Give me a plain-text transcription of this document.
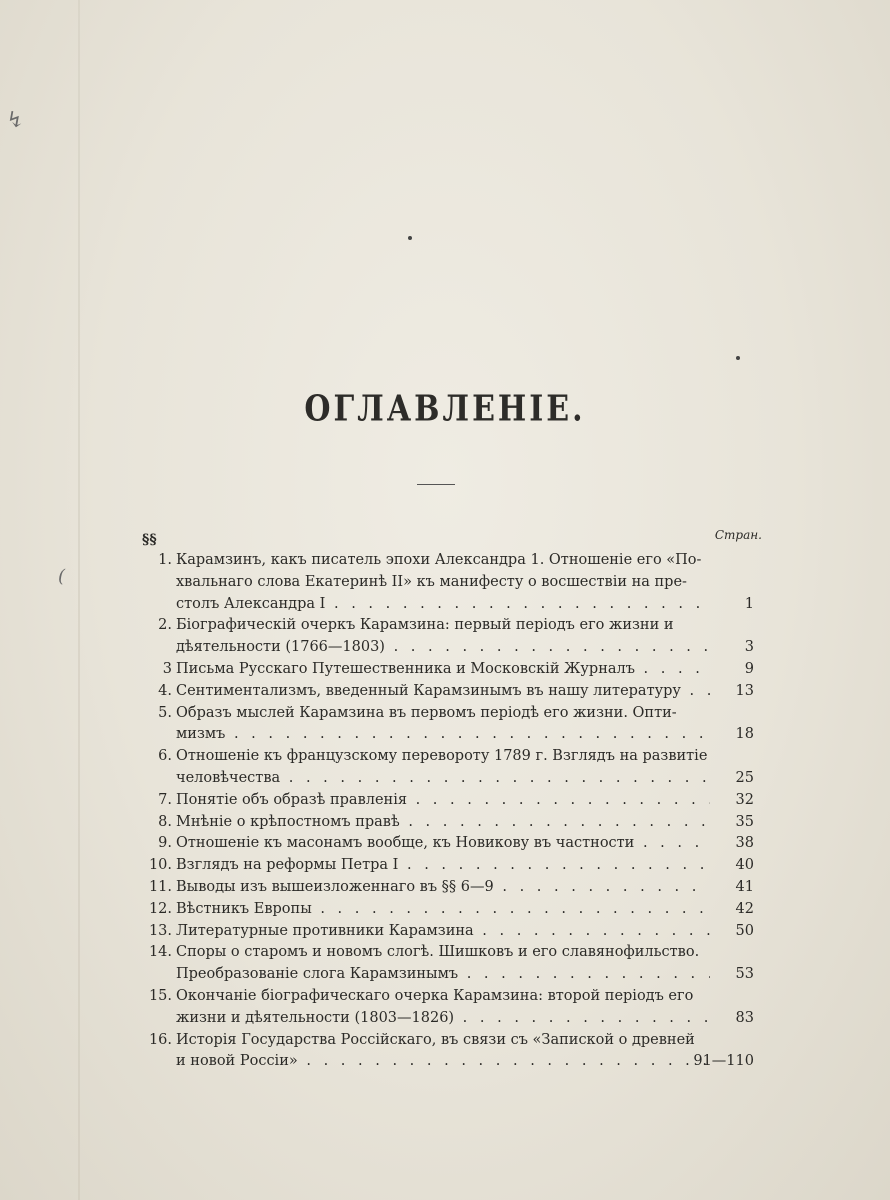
↯
(
ОГЛАВЛЕНІЕ.
§§	Стран.
1. Карамзинъ, какъ писатель эпохи Александра 1. Отношеніе его «По-
хвальнаго слова Екатеринѣ II» къ манифесту о восшествіи на пре-
столъ Александра I . . .	1
2. Біографическій очеркъ Карамзина: первый періодъ его жизни и
дѣятельности (1766—1803) . . .	3
3 Письма Русскаго Путешественника и Московскій Журналъ . . .	9
4. Сентиментализмъ, введенный Карамзинымъ въ нашу литературу . . .	13
5. Образъ мыслей Карамзина въ первомъ періодѣ его жизни. Опти-
мизмъ . . .	18
6. Отношеніе къ французскому перевороту 1789 г. Взглядъ на развитіе
человѣчества . . .	25
7. Понятіе объ образѣ правленія . . .	32
8. Мнѣніе о крѣпостномъ правѣ . . .	35
9. Отношеніе къ масонамъ вообще, къ Новикову въ частности . . .	38
10. Взглядъ на реформы Петра I . . .	40
11. Выводы изъ вышеизложеннаго въ §§ 6—9 . . .	41
12. Вѣстникъ Европы . . .	42
13. Литературные противники Карамзина . . .	50
14. Споры о старомъ и новомъ слогѣ. Шишковъ и его славянофильство.
Преобразованіе слога Карамзинымъ . . .	53
15. Окончаніе біографическаго очерка Карамзина: второй періодъ его
жизни и дѣятельности (1803—1826) . . .	83
16. Исторія Государства Россійскаго, въ связи съ «Запиской о древней
и новой Россіи» . . .	91—110
